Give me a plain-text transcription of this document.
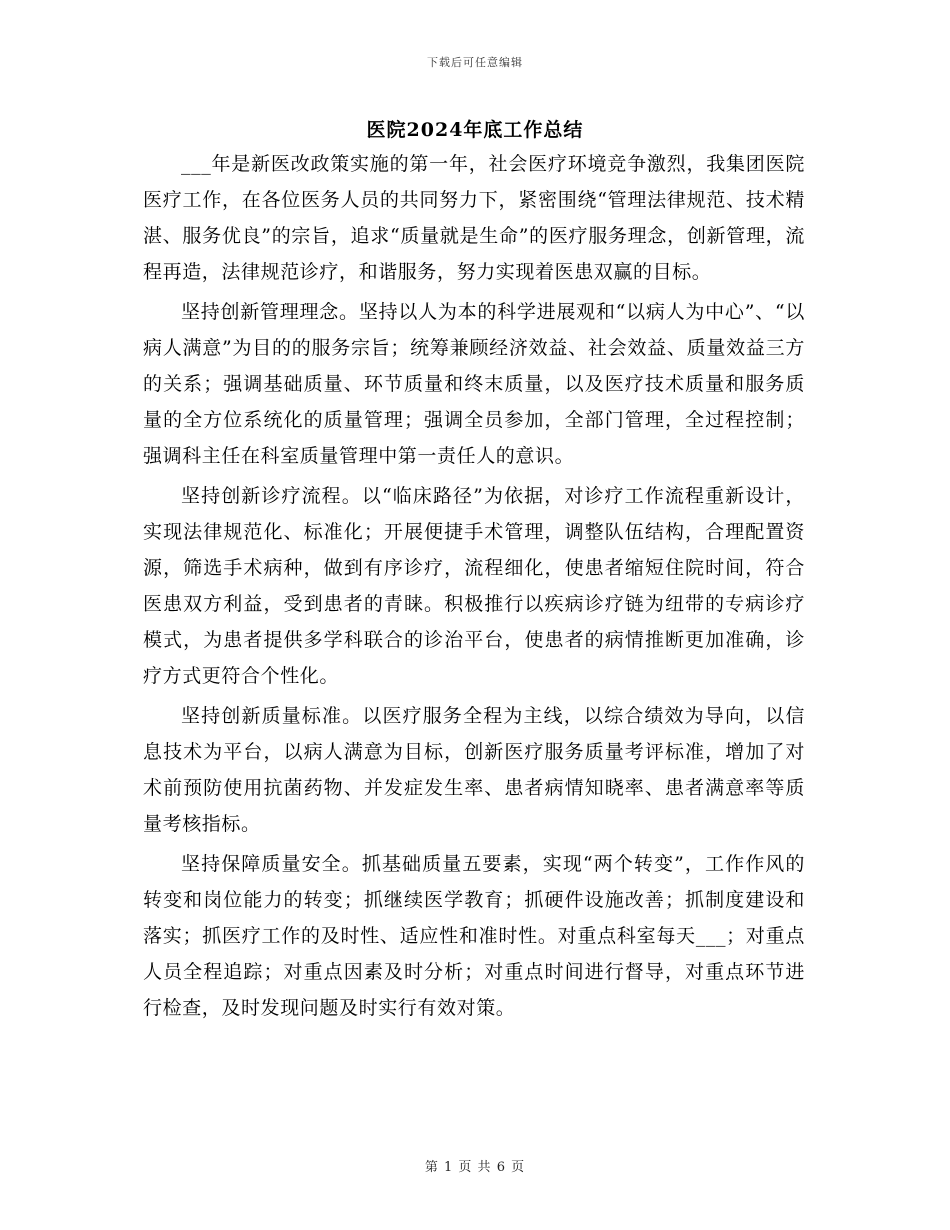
下载后可任意编辑
医院2024年底工作总结

___年是新医改政策实施的第一年，社会医疗环境竞争激烈，我集团医院医疗工作，在各位医务人员的共同努力下，紧密围绕“管理法律规范、技术精湛、服务优良”的宗旨，追求“质量就是生命”的医疗服务理念，创新管理，流程再造，法律规范诊疗，和谐服务，努力实现着医患双赢的目标。

坚持创新管理理念。坚持以人为本的科学进展观和“以病人为中心”、“以病人满意”为目的的服务宗旨；统筹兼顾经济效益、社会效益、质量效益三方的关系；强调基础质量、环节质量和终末质量，以及医疗技术质量和服务质量的全方位系统化的质量管理；强调全员参加，全部门管理，全过程控制；强调科主任在科室质量管理中第一责任人的意识。

坚持创新诊疗流程。以“临床路径”为依据，对诊疗工作流程重新设计，实现法律规范化、标准化；开展便捷手术管理，调整队伍结构，合理配置资源，筛选手术病种，做到有序诊疗，流程细化，使患者缩短住院时间，符合医患双方利益，受到患者的青睐。积极推行以疾病诊疗链为纽带的专病诊疗模式，为患者提供多学科联合的诊治平台，使患者的病情推断更加准确，诊疗方式更符合个性化。

坚持创新质量标准。以医疗服务全程为主线，以综合绩效为导向，以信息技术为平台，以病人满意为目标，创新医疗服务质量考评标准，增加了对术前预防使用抗菌药物、并发症发生率、患者病情知晓率、患者满意率等质量考核指标。

坚持保障质量安全。抓基础质量五要素，实现“两个转变”，工作作风的转变和岗位能力的转变；抓继续医学教育；抓硬件设施改善；抓制度建设和落实；抓医疗工作的及时性、适应性和准时性。对重点科室每天___；对重点人员全程追踪；对重点因素及时分析；对重点时间进行督导，对重点环节进行检查，及时发现问题及时实行有效对策。

第 1 页 共 6 页
